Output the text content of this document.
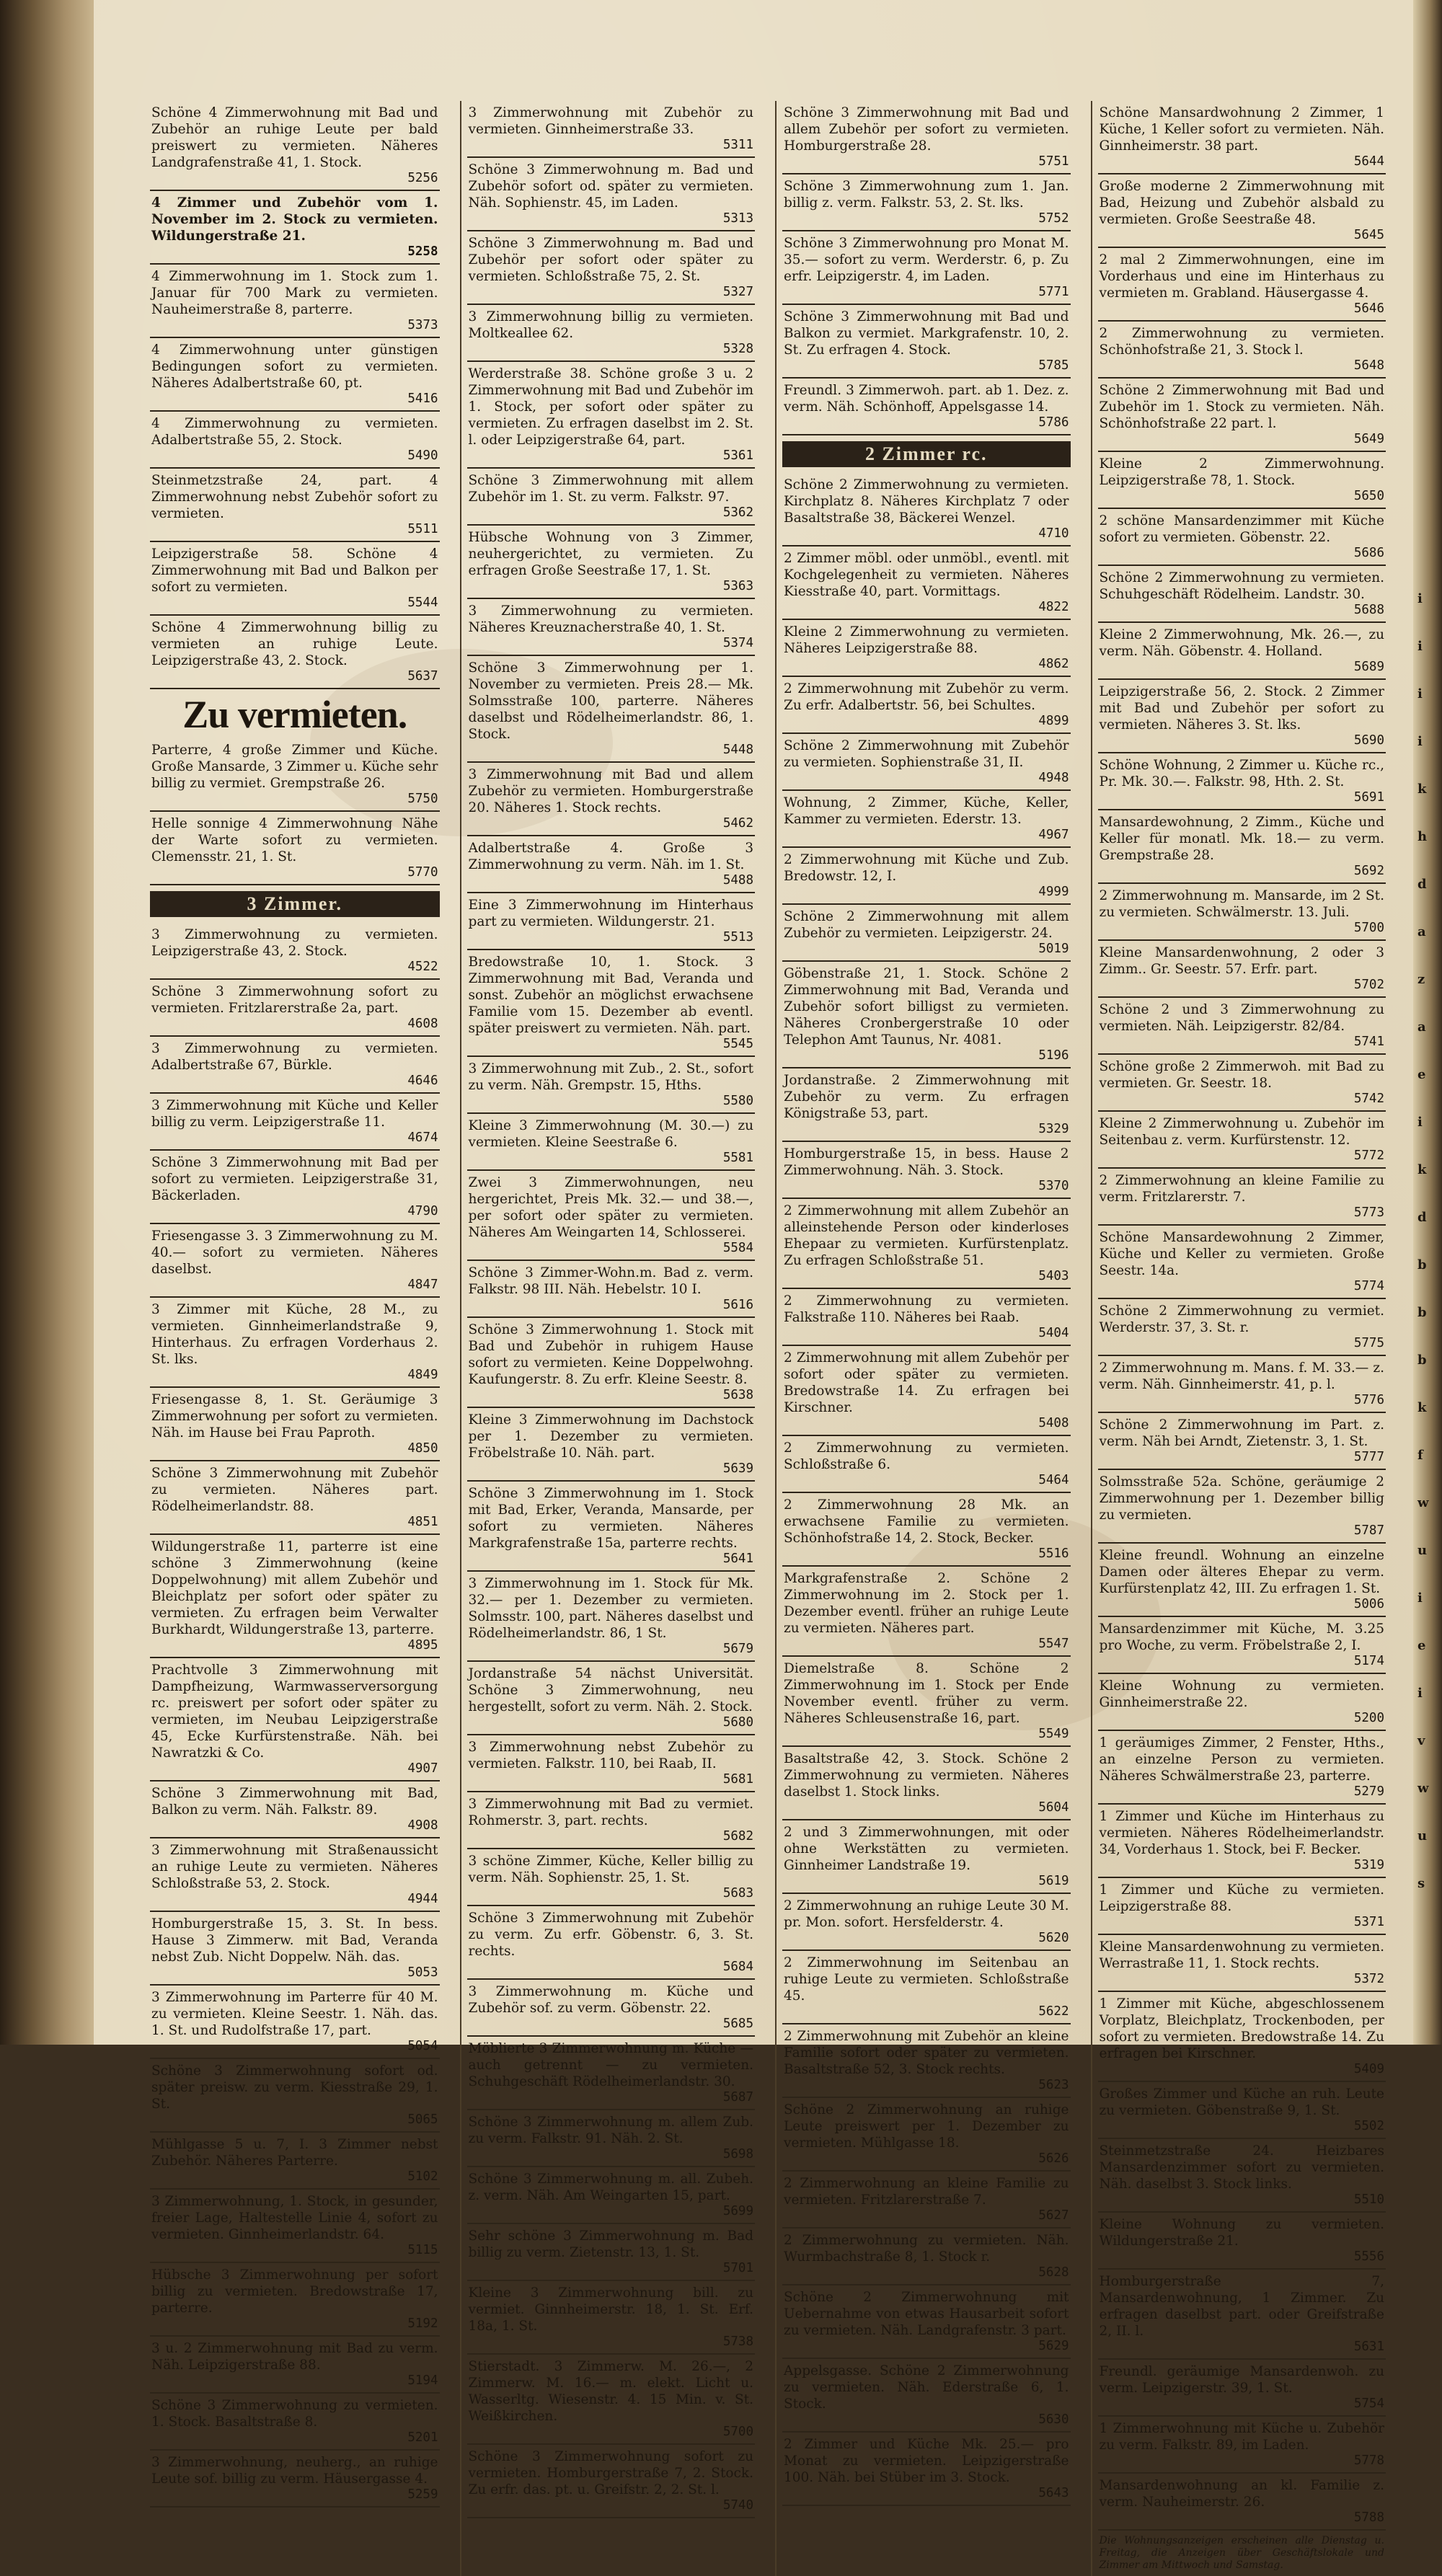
Schöne 4 Zimmerwohnung mit Bad und Zubehör an ruhige Leute per bald preiswert zu vermieten. Näheres Landgrafenstraße 41, 1. Stock.
5256
4 Zimmer und Zubehör vom 1. November im 2. Stock zu vermieten. Wildungerstraße 21.
5258
4 Zimmerwohnung im 1. Stock zum 1. Januar für 700 Mark zu vermieten. Nauheimerstraße 8, parterre.
5373
4 Zimmerwohnung unter günstigen Bedingungen sofort zu vermieten. Näheres Adalbertstraße 60, pt.
5416
4 Zimmerwohnung zu vermieten. Adalbertstraße 55, 2. Stock.
5490
Steinmetzstraße 24, part. 4 Zimmerwohnung nebst Zubehör sofort zu vermieten.
5511
Leipzigerstraße 58. Schöne 4 Zimmerwohnung mit Bad und Balkon per sofort zu vermieten.
5544
Schöne 4 Zimmerwohnung billig zu vermieten an ruhige Leute. Leipzigerstraße 43, 2. Stock.
5637
Zu vermieten.
Parterre, 4 große Zimmer und Küche. Große Mansarde, 3 Zimmer u. Küche sehr billig zu vermiet. Grempstraße 26.
5750
Helle sonnige 4 Zimmerwohnung Nähe der Warte sofort zu vermieten. Clemensstr. 21, 1. St.
5770
3 Zimmer.
3 Zimmerwohnung zu vermieten. Leipzigerstraße 43, 2. Stock.
4522
Schöne 3 Zimmerwohnung sofort zu vermieten. Fritzlarerstraße 2a, part.
4608
3 Zimmerwohnung zu vermieten. Adalbertstraße 67, Bürkle.
4646
3 Zimmerwohnung mit Küche und Keller billig zu verm. Leipzigerstraße 11.
4674
Schöne 3 Zimmerwohnung mit Bad per sofort zu vermieten. Leipzigerstraße 31, Bäckerladen.
4790
Friesengasse 3. 3 Zimmerwohnung zu M. 40.— sofort zu vermieten. Näheres daselbst.
4847
3 Zimmer mit Küche, 28 M., zu vermieten. Ginnheimerlandstraße 9, Hinterhaus. Zu erfragen Vorderhaus 2. St. lks.
4849
Friesengasse 8, 1. St. Geräumige 3 Zimmerwohnung per sofort zu vermieten. Näh. im Hause bei Frau Paproth.
4850
Schöne 3 Zimmerwohnung mit Zubehör zu vermieten. Näheres part. Rödelheimerlandstr. 88.
4851
Wildungerstraße 11, parterre ist eine schöne 3 Zimmerwohnung (keine Doppelwohnung) mit allem Zubehör und Bleichplatz per sofort oder später zu vermieten. Zu erfragen beim Verwalter Burkhardt, Wildungerstraße 13, parterre.
4895
Prachtvolle 3 Zimmerwohnung mit Dampfheizung, Warmwasserversorgung rc. preiswert per sofort oder später zu vermieten, im Neubau Leipzigerstraße 45, Ecke Kurfürstenstraße. Näh. bei Nawratzki & Co.
4907
Schöne 3 Zimmerwohnung mit Bad, Balkon zu verm. Näh. Falkstr. 89.
4908
3 Zimmerwohnung mit Straßenaussicht an ruhige Leute zu vermieten. Näheres Schloßstraße 53, 2. Stock.
4944
Homburgerstraße 15, 3. St. In bess. Hause 3 Zimmerw. mit Bad, Veranda nebst Zub. Nicht Doppelw. Näh. das.
5053
3 Zimmerwohnung im Parterre für 40 M. zu vermieten. Kleine Seestr. 1. Näh. das. 1. St. und Rudolfstraße 17, part.
5054
Schöne 3 Zimmerwohnung sofort od. später preisw. zu verm. Kiesstraße 29, 1. St.
5065
Mühlgasse 5 u. 7, I. 3 Zimmer nebst Zubehör. Näheres Parterre.
5102
3 Zimmerwohnung, 1. Stock, in gesunder, freier Lage, Haltestelle Linie 4, sofort zu vermieten. Ginnheimerlandstr. 64.
5115
Hübsche 3 Zimmerwohnung per sofort billig zu vermieten. Bredowstraße 17, parterre.
5192
3 u. 2 Zimmerwohnung mit Bad zu verm. Näh. Leipzigerstraße 88.
5194
Schöne 3 Zimmerwohnung zu vermieten. 1. Stock. Basaltstraße 8.
5201
3 Zimmerwohnung, neuherg., an ruhige Leute sof. billig zu verm. Häusergasse 4.
5259
3 Zimmerwohnung mit Zubehör zu vermieten. Ginnheimerstraße 33.
5311
Schöne 3 Zimmerwohnung m. Bad und Zubehör sofort od. später zu vermieten. Näh. Sophienstr. 45, im Laden.
5313
Schöne 3 Zimmerwohnung m. Bad und Zubehör per sofort oder später zu vermieten. Schloßstraße 75, 2. St.
5327
3 Zimmerwohnung billig zu vermieten. Moltkeallee 62.
5328
Werderstraße 38. Schöne große 3 u. 2 Zimmerwohnung mit Bad und Zubehör im 1. Stock, per sofort oder später zu vermieten. Zu erfragen daselbst im 2. St. l. oder Leipzigerstraße 64, part.
5361
Schöne 3 Zimmerwohnung mit allem Zubehör im 1. St. zu verm. Falkstr. 97.
5362
Hübsche Wohnung von 3 Zimmer, neuhergerichtet, zu vermieten. Zu erfragen Große Seestraße 17, 1. St.
5363
3 Zimmerwohnung zu vermieten. Näheres Kreuznacherstraße 40, 1. St.
5374
Schöne 3 Zimmerwohnung per 1. November zu vermieten. Preis 28.— Mk. Solmsstraße 100, parterre. Näheres daselbst und Rödelheimerlandstr. 86, 1. Stock.
5448
3 Zimmerwohnung mit Bad und allem Zubehör zu vermieten. Homburgerstraße 20. Näheres 1. Stock rechts.
5462
Adalbertstraße 4. Große 3 Zimmerwohnung zu verm. Näh. im 1. St.
5488
Eine 3 Zimmerwohnung im Hinterhaus part zu vermieten. Wildungerstr. 21.
5513
Bredowstraße 10, 1. Stock. 3 Zimmerwohnung mit Bad, Veranda und sonst. Zubehör an möglichst erwachsene Familie vom 15. Dezember ab eventl. später preiswert zu vermieten. Näh. part.
5545
3 Zimmerwohnung mit Zub., 2. St., sofort zu verm. Näh. Grempstr. 15, Hths.
5580
Kleine 3 Zimmerwohnung (M. 30.—) zu vermieten. Kleine Seestraße 6.
5581
Zwei 3 Zimmerwohnungen, neu hergerichtet, Preis Mk. 32.— und 38.—, per sofort oder später zu vermieten. Näheres Am Weingarten 14, Schlosserei.
5584
Schöne 3 Zimmer-Wohn.m. Bad z. verm. Falkstr. 98 III. Näh. Hebelstr. 10 I.
5616
Schöne 3 Zimmerwohnung 1. Stock mit Bad und Zubehör in ruhigem Hause sofort zu vermieten. Keine Doppelwohng. Kaufungerstr. 8. Zu erfr. Kleine Seestr. 8.
5638
Kleine 3 Zimmerwohnung im Dachstock per 1. Dezember zu vermieten. Fröbelstraße 10. Näh. part.
5639
Schöne 3 Zimmerwohnung im 1. Stock mit Bad, Erker, Veranda, Mansarde, per sofort zu vermieten. Näheres Markgrafenstraße 15a, parterre rechts.
5641
3 Zimmerwohnung im 1. Stock für Mk. 32.— per 1. Dezember zu vermieten. Solmsstr. 100, part. Näheres daselbst und Rödelheimerlandstr. 86, 1 St.
5679
Jordanstraße 54 nächst Universität. Schöne 3 Zimmerwohnung, neu hergestellt, sofort zu verm. Näh. 2. Stock.
5680
3 Zimmerwohnung nebst Zubehör zu vermieten. Falkstr. 110, bei Raab, II.
5681
3 Zimmerwohnung mit Bad zu vermiet. Rohmerstr. 3, part. rechts.
5682
3 schöne Zimmer, Küche, Keller billig zu verm. Näh. Sophienstr. 25, 1. St.
5683
Schöne 3 Zimmerwohnung mit Zubehör zu verm. Zu erfr. Göbenstr. 6, 3. St. rechts.
5684
3 Zimmerwohnung m. Küche und Zubehör sof. zu verm. Göbenstr. 22.
5685
Möblierte 3 Zimmerwohnung m. Küche — auch getrennt — zu vermieten. Schuhgeschäft Rödelheimerlandstr. 30.
5687
Schöne 3 Zimmerwohnung m. allem Zub. zu verm. Falkstr. 91. Näh. 2. St.
5698
Schöne 3 Zimmerwohnung m. all. Zubeh. z. verm. Näh. Am Weingarten 15, part.
5699
Sehr schöne 3 Zimmerwohnung m. Bad billig zu verm. Zietenstr. 13, 1. St.
5701
Kleine 3 Zimmerwohnung bill. zu vermiet. Ginnheimerstr. 18, 1. St. Erf. 18a, 1. St.
5738
Stierstadt. 3 Zimmerw. M. 26.—, 2 Zimmerw. M. 16.— m. elekt. Licht u. Wasserltg. Wiesenstr. 4. 15 Min. v. St. Weißkirchen.
5700
Schöne 3 Zimmerwohnung sofort zu vermieten. Homburgerstraße 7, 2. Stock. Zu erfr. das. pt. u. Greifstr. 2, 2. St. l.
5740
Schöne 3 Zimmerwohnung mit Bad und allem Zubehör per sofort zu vermieten. Homburgerstraße 28.
5751
Schöne 3 Zimmerwohnung zum 1. Jan. billig z. verm. Falkstr. 53, 2. St. lks.
5752
Schöne 3 Zimmerwohnung pro Monat M. 35.— sofort zu verm. Werderstr. 6, p. Zu erfr. Leipzigerstr. 4, im Laden.
5771
Schöne 3 Zimmerwohnung mit Bad und Balkon zu vermiet. Markgrafenstr. 10, 2. St. Zu erfragen 4. Stock.
5785
Freundl. 3 Zimmerwoh. part. ab 1. Dez. z. verm. Näh. Schönhoff, Appelsgasse 14.
5786
2 Zimmer rc.
Schöne 2 Zimmerwohnung zu vermieten. Kirchplatz 8. Näheres Kirchplatz 7 oder Basaltstraße 38, Bäckerei Wenzel.
4710
2 Zimmer möbl. oder unmöbl., eventl. mit Kochgelegenheit zu vermieten. Näheres Kiesstraße 40, part. Vormittags.
4822
Kleine 2 Zimmerwohnung zu vermieten. Näheres Leipzigerstraße 88.
4862
2 Zimmerwohnung mit Zubehör zu verm. Zu erfr. Adalbertstr. 56, bei Schultes.
4899
Schöne 2 Zimmerwohnung mit Zubehör zu vermieten. Sophienstraße 31, II.
4948
Wohnung, 2 Zimmer, Küche, Keller, Kammer zu vermieten. Ederstr. 13.
4967
2 Zimmerwohnung mit Küche und Zub. Bredowstr. 12, I.
4999
Schöne 2 Zimmerwohnung mit allem Zubehör zu vermieten. Leipzigerstr. 24.
5019
Göbenstraße 21, 1. Stock. Schöne 2 Zimmerwohnung mit Bad, Veranda und Zubehör sofort billigst zu vermieten. Näheres Cronbergerstraße 10 oder Telephon Amt Taunus, Nr. 4081.
5196
Jordanstraße. 2 Zimmerwohnung mit Zubehör zu verm. Zu erfragen Königstraße 53, part.
5329
Homburgerstraße 15, in bess. Hause 2 Zimmerwohnung. Näh. 3. Stock.
5370
2 Zimmerwohnung mit allem Zubehör an alleinstehende Person oder kinderloses Ehepaar zu vermieten. Kurfürstenplatz. Zu erfragen Schloßstraße 51.
5403
2 Zimmerwohnung zu vermieten. Falkstraße 110. Näheres bei Raab.
5404
2 Zimmerwohnung mit allem Zubehör per sofort oder später zu vermieten. Bredowstraße 14. Zu erfragen bei Kirschner.
5408
2 Zimmerwohnung zu vermieten. Schloßstraße 6.
5464
2 Zimmerwohnung 28 Mk. an erwachsene Familie zu vermieten. Schönhofstraße 14, 2. Stock, Becker.
5516
Markgrafenstraße 2. Schöne 2 Zimmerwohnung im 2. Stock per 1. Dezember eventl. früher an ruhige Leute zu vermieten. Näheres part.
5547
Diemelstraße 8. Schöne 2 Zimmerwohnung im 1. Stock per Ende November eventl. früher zu verm. Näheres Schleusenstraße 16, part.
5549
Basaltstraße 42, 3. Stock. Schöne 2 Zimmerwohnung zu vermieten. Näheres daselbst 1. Stock links.
5604
2 und 3 Zimmerwohnungen, mit oder ohne Werkstätten zu vermieten. Ginnheimer Landstraße 19.
5619
2 Zimmerwohnung an ruhige Leute 30 M. pr. Mon. sofort. Hersfelderstr. 4.
5620
2 Zimmerwohnung im Seitenbau an ruhige Leute zu vermieten. Schloßstraße 45.
5622
2 Zimmerwohnung mit Zubehör an kleine Familie sofort oder später zu vermieten. Basaltstraße 52, 3. Stock rechts.
5623
Schöne 2 Zimmerwohnung an ruhige Leute preiswert per 1. Dezember zu vermieten. Mühlgasse 18.
5626
2 Zimmerwohnung an kleine Familie zu vermieten. Fritzlarerstraße 7.
5627
2 Zimmerwohnung zu vermieten. Näh. Wurmbachstraße 8, 1. Stock r.
5628
Schöne 2 Zimmerwohnung mit Uebernahme von etwas Hausarbeit sofort zu vermieten. Näh. Landgrafenstr. 3 part.
5629
Appelsgasse. Schöne 2 Zimmerwohnung zu vermieten. Näh. Ederstraße 6, 1. Stock.
5630
2 Zimmer und Küche Mk. 25.— pro Monat zu vermieten. Leipzigerstraße 100. Näh. bei Stüber im 3. Stock.
5643
Schöne Mansardwohnung 2 Zimmer, 1 Küche, 1 Keller sofort zu vermieten. Näh. Ginnheimerstr. 38 part.
5644
Große moderne 2 Zimmerwohnung mit Bad, Heizung und Zubehör alsbald zu vermieten. Große Seestraße 48.
5645
2 mal 2 Zimmerwohnungen, eine im Vorderhaus und eine im Hinterhaus zu vermieten m. Grabland. Häusergasse 4.
5646
2 Zimmerwohnung zu vermieten. Schönhofstraße 21, 3. Stock l.
5648
Schöne 2 Zimmerwohnung mit Bad und Zubehör im 1. Stock zu vermieten. Näh. Schönhofstraße 22 part. l.
5649
Kleine 2 Zimmerwohnung. Leipzigerstraße 78, 1. Stock.
5650
2 schöne Mansardenzimmer mit Küche sofort zu vermieten. Göbenstr. 22.
5686
Schöne 2 Zimmerwohnung zu vermieten. Schuhgeschäft Rödelheim. Landstr. 30.
5688
Kleine 2 Zimmerwohnung, Mk. 26.—, zu verm. Näh. Göbenstr. 4. Holland.
5689
Leipzigerstraße 56, 2. Stock. 2 Zimmer mit Bad und Zubehör per sofort zu vermieten. Näheres 3. St. lks.
5690
Schöne Wohnung, 2 Zimmer u. Küche rc., Pr. Mk. 30.—. Falkstr. 98, Hth. 2. St.
5691
Mansardewohnung, 2 Zimm., Küche und Keller für monatl. Mk. 18.— zu verm. Grempstraße 28.
5692
2 Zimmerwohnung m. Mansarde, im 2 St. zu vermieten. Schwälmerstr. 13. Juli.
5700
Kleine Mansardenwohnung, 2 oder 3 Zimm.. Gr. Seestr. 57. Erfr. part.
5702
Schöne 2 und 3 Zimmerwohnung zu vermieten. Näh. Leipzigerstr. 82/84.
5741
Schöne große 2 Zimmerwoh. mit Bad zu vermieten. Gr. Seestr. 18.
5742
Kleine 2 Zimmerwohnung u. Zubehör im Seitenbau z. verm. Kurfürstenstr. 12.
5772
2 Zimmerwohnung an kleine Familie zu verm. Fritzlarerstr. 7.
5773
Schöne Mansardewohnung 2 Zimmer, Küche und Keller zu vermieten. Große Seestr. 14a.
5774
Schöne 2 Zimmerwohnung zu vermiet. Werderstr. 37, 3. St. r.
5775
2 Zimmerwohnung m. Mans. f. M. 33.— z. verm. Näh. Ginnheimerstr. 41, p. l.
5776
Schöne 2 Zimmerwohnung im Part. z. verm. Näh bei Arndt, Zietenstr. 3, 1. St.
5777
Solmsstraße 52a. Schöne, geräumige 2 Zimmerwohnung per 1. Dezember billig zu vermieten.
5787
Kleine freundl. Wohnung an einzelne Damen oder älteres Ehepar zu verm. Kurfürstenplatz 42, III. Zu erfragen 1. St.
5006
Mansardenzimmer mit Küche, M. 3.25 pro Woche, zu verm. Fröbelstraße 2, I.
5174
Kleine Wohnung zu vermieten. Ginnheimerstraße 22.
5200
1 geräumiges Zimmer, 2 Fenster, Hths., an einzelne Person zu vermieten. Näheres Schwälmerstraße 23, parterre.
5279
1 Zimmer und Küche im Hinterhaus zu vermieten. Näheres Rödelheimerlandstr. 34, Vorderhaus 1. Stock, bei F. Becker.
5319
1 Zimmer und Küche zu vermieten. Leipzigerstraße 88.
5371
Kleine Mansardenwohnung zu vermieten. Werrastraße 11, 1. Stock rechts.
5372
1 Zimmer mit Küche, abgeschlossenem Vorplatz, Bleichplatz, Trockenboden, per sofort zu vermieten. Bredowstraße 14. Zu erfragen bei Kirschner.
5409
Großes Zimmer und Küche an ruh. Leute zu vermieten. Göbenstraße 9, 1. St.
5502
Steinmetzstraße 24. Heizbares Mansardenzimmer sofort zu vermieten. Näh. daselbst 3. Stock links.
5510
Kleine Wohnung zu vermieten. Wildungerstraße 21.
5556
Homburgerstraße 7, Mansardenwohnung, 1 Zimmer. Zu erfragen daselbst part. oder Greifstraße 2, II. l.
5631
Freundl. geräumige Mansardenwoh. zu verm. Leipzigerstr. 39, 1. St.
5754
1 Zimmerwohnung mit Küche u. Zubehör zu verm. Falkstr. 89, im Laden.
5778
Mansardenwohnung an kl. Familie z. verm. Nauheimerstr. 26.
5788
Die Wohnungsanzeigen erscheinen alle Dienstag u. Freitag, die Anzeigen über Geschäftslokale und Zimmer am Mittwoch und Samstag.
i
i
i
i
k
h
d
a
z
a
e
i
k
d
b
b
b
k
f
w
u
i
e
i
v
w
u
s
